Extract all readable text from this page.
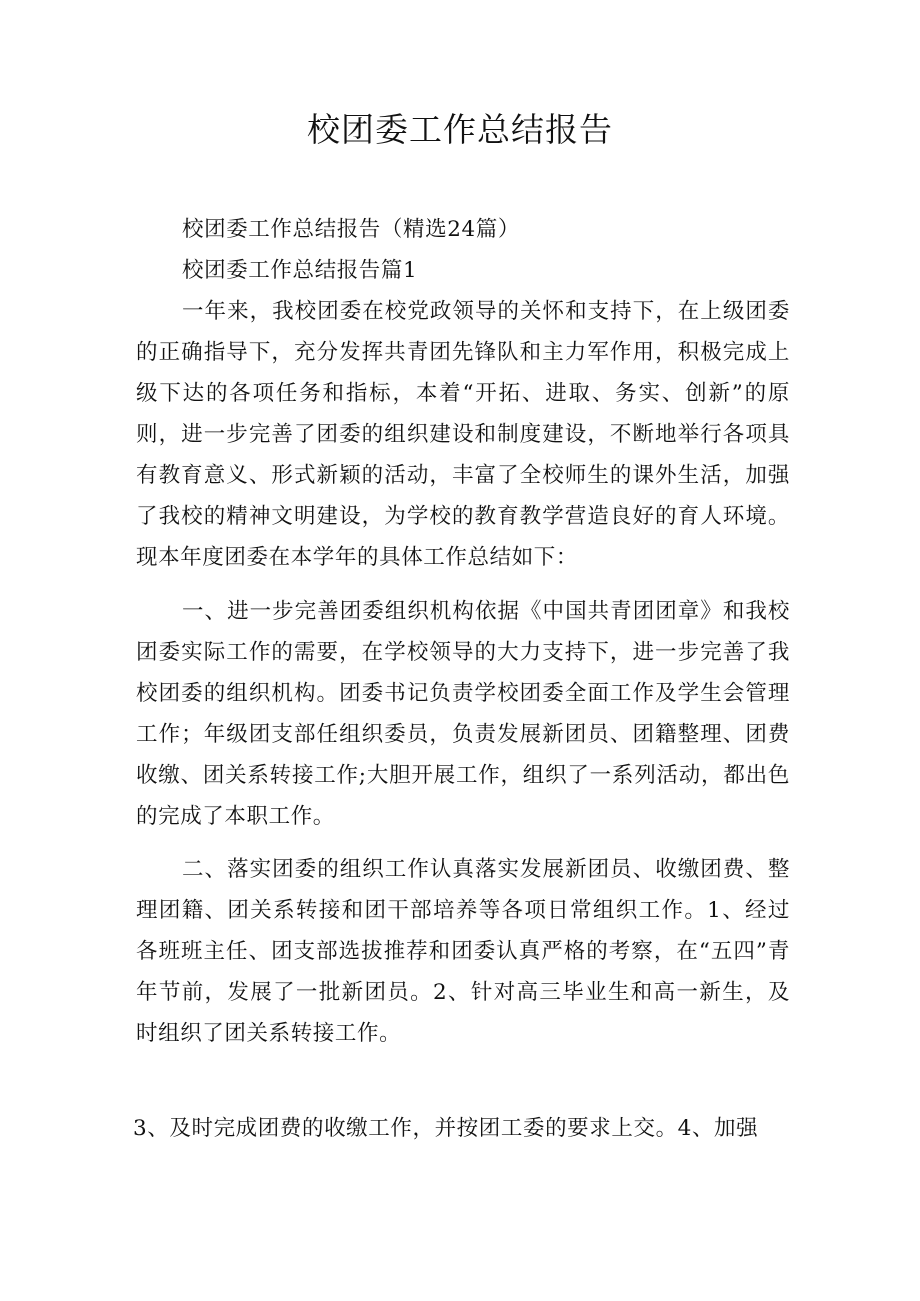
校团委工作总结报告

校团委工作总结报告（精选24篇）

校团委工作总结报告篇1

一年来，我校团委在校党政领导的关怀和支持下，在上级团委的正确指导下，充分发挥共青团先锋队和主力军作用，积极完成上级下达的各项任务和指标，本着“开拓、进取、务实、创新”的原则，进一步完善了团委的组织建设和制度建设，不断地举行各项具有教育意义、形式新颖的活动，丰富了全校师生的课外生活，加强了我校的精神文明建设，为学校的教育教学营造良好的育人环境。现本年度团委在本学年的具体工作总结如下：

一、进一步完善团委组织机构依据《中国共青团团章》和我校团委实际工作的需要，在学校领导的大力支持下，进一步完善了我校团委的组织机构。团委书记负责学校团委全面工作及学生会管理工作；年级团支部任组织委员，负责发展新团员、团籍整理、团费收缴、团关系转接工作;大胆开展工作，组织了一系列活动，都出色的完成了本职工作。

二、落实团委的组织工作认真落实发展新团员、收缴团费、整理团籍、团关系转接和团干部培养等各项日常组织工作。1、经过各班班主任、团支部选拔推荐和团委认真严格的考察，在“五四”青年节前，发展了一批新团员。2、针对高三毕业生和高一新生，及时组织了团关系转接工作。

3、及时完成团费的收缴工作，并按团工委的要求上交。4、加强
